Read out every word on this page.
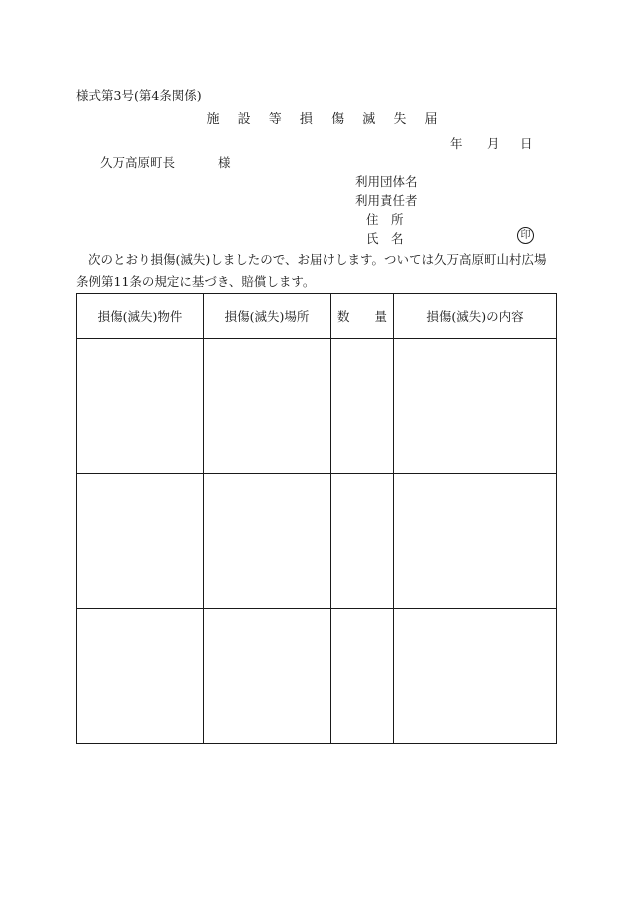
様式第3号(第4条関係)
施 設 等 損 傷 滅 失 届
年 月 日
久万高原町長	様
利用団体名
利用責任者
住　所
氏　名	印
次のとおり損傷(滅失)しましたので、お届けします。ついては久万高原町山村広場条例第11条の規定に基づき、賠償します。
損傷(滅失)物件	損傷(滅失)場所	数　　量	損傷(滅失)の内容
